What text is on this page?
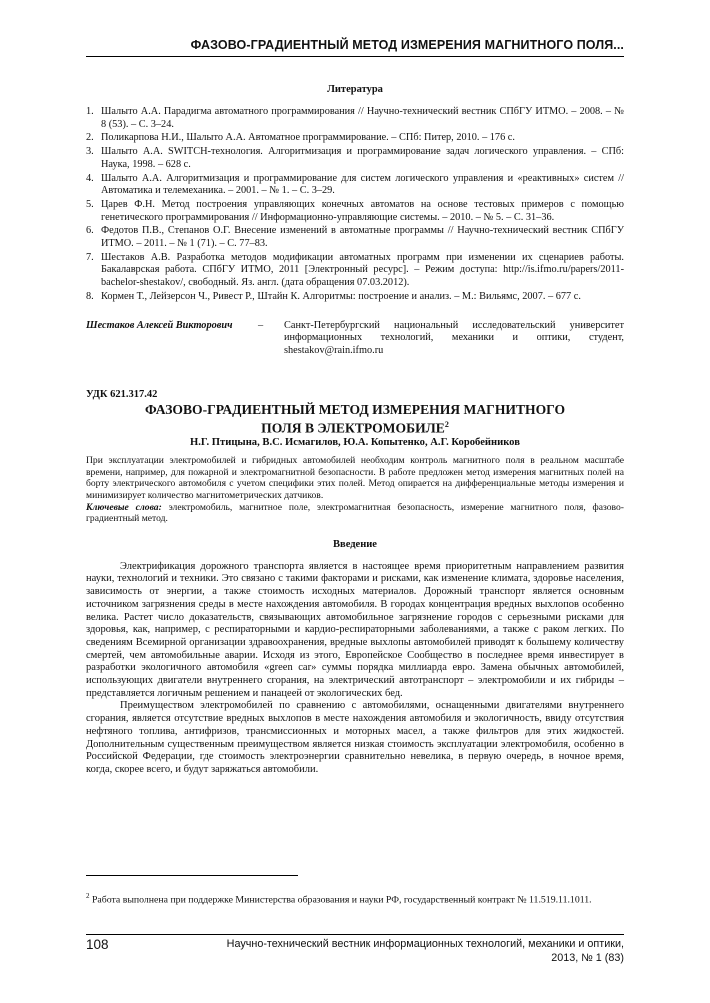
ФАЗОВО-ГРАДИЕНТНЫЙ МЕТОД ИЗМЕРЕНИЯ МАГНИТНОГО ПОЛЯ...
Литература
1. Шалыто А.А. Парадигма автоматного программирования // Научно-технический вестник СПбГУ ИТМО. – 2008. – № 8 (53). – С. 3–24.
2. Поликарпова Н.И., Шалыто А.А. Автоматное программирование. – СПб: Питер, 2010. – 176 с.
3. Шалыто А.А. SWITCH-технология. Алгоритмизация и программирование задач логического управления. – СПб: Наука, 1998. – 628 с.
4. Шалыто А.А. Алгоритмизация и программирование для систем логического управления и «реактивных» систем // Автоматика и телемеханика. – 2001. – № 1. – С. 3–29.
5. Царев Ф.Н. Метод построения управляющих конечных автоматов на основе тестовых примеров с помощью генетического программирования // Информационно-управляющие системы. – 2010. – № 5. – С. 31–36.
6. Федотов П.В., Степанов О.Г. Внесение изменений в автоматные программы // Научно-технический вестник СПбГУ ИТМО. – 2011. – № 1 (71). – С. 77–83.
7. Шестаков А.В. Разработка методов модификации автоматных программ при изменении их сценариев работы. Бакалаврская работа. СПбГУ ИТМО, 2011 [Электронный ресурс]. – Режим доступа: http://is.ifmo.ru/papers/2011-bachelor-shestakov/, свободный. Яз. англ. (дата обращения 07.03.2012).
8. Кормен Т., Лейзерсон Ч., Ривест Р., Штайн К. Алгоритмы: построение и анализ. – М.: Вильямс, 2007. – 677 с.
Шестаков Алексей Викторович	–	Санкт-Петербургский национальный исследовательский университет информационных технологий, механики и оптики, студент, shestakov@rain.ifmo.ru
УДК 621.317.42
ФАЗОВО-ГРАДИЕНТНЫЙ МЕТОД ИЗМЕРЕНИЯ МАГНИТНОГО
ПОЛЯ В ЭЛЕКТРОМОБИЛЕ$^2$
Н.Г. Птицына, В.С. Исмагилов, Ю.А. Копытенко, А.Г. Коробейников
При эксплуатации электромобилей и гибридных автомобилей необходим контроль магнитного поля в реальном масштабе времени, например, для пожарной и электромагнитной безопасности. В работе предложен метод измерения магнитных полей на борту электрического автомобиля с учетом специфики этих полей. Метод опирается на дифференциальные методы измерения и минимизирует количество магнитометрических датчиков.
Ключевые слова: электромобиль, магнитное поле, электромагнитная безопасность, измерение магнитного поля, фазово-градиентный метод.
Введение

Электрификация дорожного транспорта является в настоящее время приоритетным направлением развития науки, технологий и техники. Это связано с такими факторами и рисками, как изменение климата, здоровье населения, зависимость от энергии, а также стоимость исходных материалов. Дорожный транспорт является основным источником загрязнения среды в месте нахождения автомобиля. В городах концентрация вредных выхлопов особенно велика. Растет число доказательств, связывающих автомобильное загрязнение городов с серьезными рисками для здоровья, как, например, с респираторными и кардио-респираторными заболеваниями, а также с раком легких. По сведениям Всемирной организации здравоохранения, вредные выхлопы автомобилей приводят к большему количеству смертей, чем автомобильные аварии. Исходя из этого, Европейское Сообщество в последнее время инвестирует в разработки экологичного автомобиля «green car» суммы порядка миллиарда евро. Замена обычных автомобилей, использующих двигатели внутреннего сгорания, на электрический автотранспорт – электромобили и их гибриды – представляется логичным решением и панацеей от экологических бед.

Преимуществом электромобилей по сравнению с автомобилями, оснащенными двигателями внутреннего сгорания, является отсутствие вредных выхлопов в месте нахождения автомобиля и экологичность, ввиду отсутствия нефтяного топлива, антифризов, трансмиссионных и моторных масел, а также фильтров для этих жидкостей. Дополнительным существенным преимуществом является низкая стоимость эксплуатации электромобиля, особенно в Российской Федерации, где стоимость электроэнергии сравнительно невелика, в первую очередь, в ночное время, когда, скорее всего, и будут заряжаться автомобили.

$^2$ Работа выполнена при поддержке Министерства образования и науки РФ, государственный контракт № 11.519.11.1011.
108	Научно-технический вестник информационных технологий, механики и оптики,
2013, № 1 (83)
